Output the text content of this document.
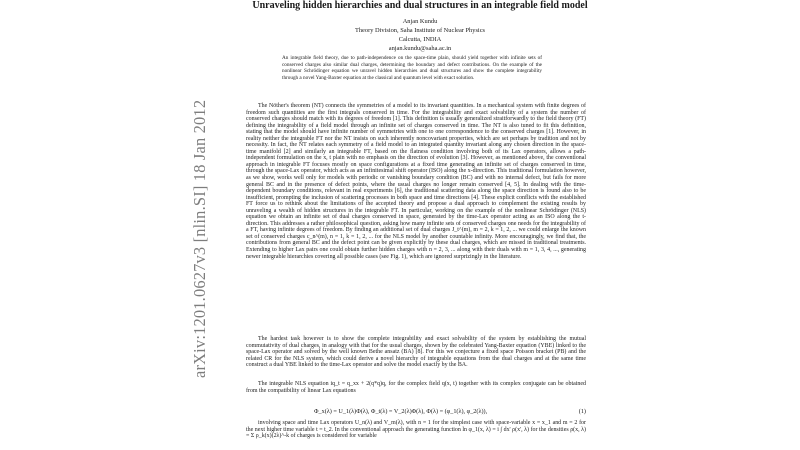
arXiv:1201.0627v3 [nlin.SI] 18 Jan 2012
Unraveling hidden hierarchies and dual structures in an integrable field model
Anjan Kundu
Theory Division, Saha Institute of Nuclear Physics
Calcutta, INDIA
anjan.kundu@saha.ac.in
An integrable field theory, due to path-independence on the space-time plain, should yield together with infinite sets of conserved charges also similar dual charges, determining the boundary and defect contributions. On the example of the nonlinear Schrödinger equation we unravel hidden hierarchies and dual structures and show the complete integrability through a novel Yang-Baxter equation at the classical and quantum level with exact solution.
The Nöther's theorem (NT) connects the symmetries of a model to its invariant quantities. In a mechanical system with finite degrees of freedom such quantities are the first integrals conserved in time. For the integrability and exact solvability of a system the number of conserved charges should match with its degrees of freedom [1]. This definition is usually generalized straitforwardly to the field theory (FT) defining the integrability of a field model through an infinite set of charges conserved in time. The NT is also tuned to fit this definition, stating that the model should have infinite number of symmetries with one to one correspondence to the conserved charges [1]. However, in reality neither the integrable FT nor the NT insists on such inherently noncovariant properties, which are set perhaps by tradition and not by necessity. In fact, the NT relates each symmetry of a field model to an integrated quantity invariant along any chosen direction in the space-time manifold [2] and similarly an integrable FT, based on the flatness condition involving both of its Lax operators, allows a path-independent formulation on the x, t plain with no emphasis on the direction of evolution [3]. However, as mentioned above, the conventional approach in integrable FT focuses mostly on space configurations at a fixed time generating an infinite set of charges conserved in time, through the space-Lax operator, which acts as an infinitesimal shift operator (ISO) along the x-direction. This traditional formulation however, as we show, works well only for models with periodic or vanishing boundary condition (BC) and with no internal defect, but fails for more general BC and in the presence of defect points, where the usual charges no longer remain conserved [4, 5]. In dealing with the time-dependent boundary conditions, relevant in real experiments [6], the traditional scattering data along the space direction is found also to be insufficient, prompting the inclusion of scattering processes in both space and time directions [4]. These explicit conflicts with the established FT force us to rethink about the limitations of the accepted theory and propose a dual approach to complement the existing results by unraveling a wealth of hidden structures in the integrable FT. In particular, working on the example of the nonlinear Schrödinger (NLS) equation we obtain an infinite set of dual charges conserved in space, generated by the time-Lax operator acting as an ISO along the t-direction. This addresses a rather philosophical question, asking how many infinite sets of conserved charges one needs for the integrability of a FT, having infinite degrees of freedom. By finding an additional set of dual charges J_t^(m), m = 2, k = 1, 2, ... we could enlarge the known set of conserved charges c_n^(m), n = 1, k = 1, 2, ... for the NLS model by another countable infinity. More encouragingly, we find that, the contributions from general BC and the defect point can be given explicitly by these dual charges, which are missed in traditional treatments. Extending to higher Lax pairs one could obtain further hidden charges with n = 2, 3, ... along with their duals with m = 1, 3, 4, ..., generating newer integrable hierarchies covering all possible cases (see Fig. 1), which are ignored surprizingly in the literature.
The hardest task however is to show the complete integrability and exact solvability of the system by establishing the mutual commutativity of dual charges, in analogy with that for the usual charges, shown by the celebrated Yang-Baxter equation (YBE) linked to the space-Lax operator and solved by the well known Bethe ansatz (BA) [8]. For this we conjecture a fixed space Poisson bracket (PB) and the related CR for the NLS system, which could derive a novel hierarchy of integrable equations from the dual charges and at the same time construct a dual YBE linked to the time-Lax operator and solve the model exactly by the BA.
The integrable NLS equation iq_t = q_xx + 2(q*q)q, for the complex field q(x, t) together with its complex conjugate can be obtained from the compatibility of linear Lax equations
Φ_x(λ) = U_1(λ)Φ(λ), Φ_t(λ) = V_2(λ)Φ(λ), Φ(λ) = (φ_1(λ), φ_2(λ)),	(1)
involving space and time Lax operators U_n(λ) and V_m(λ), with n = 1 for the simplest case with space-variable x = x_1 and m = 2 for the next higher time variable t = t_2. In the conventional approach the generating function ln φ_1(x, λ) = i ∫ dx' ρ(x', λ) for the densities ρ(x, λ) = Σ ρ_k(x)(2λ)^-k of charges is considered for variable
